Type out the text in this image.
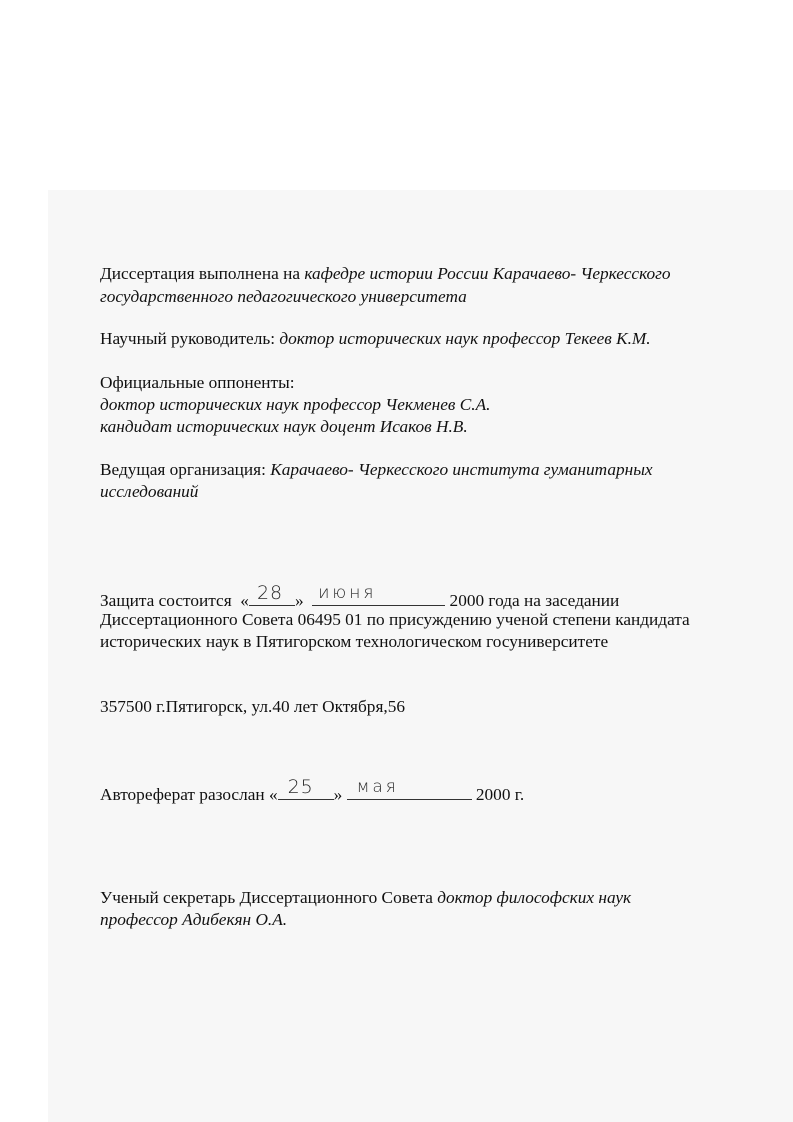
Диссертация выполнена на кафедре истории России Карачаево- Черкесского
государственного педагогического университета
Научный руководитель: доктор исторических наук профессор Текеев К.М.
Официальные оппоненты:
доктор исторических наук профессор Чекменев С.А.
кандидат исторических наук доцент Исаков Н.В.
Ведущая организация: Карачаево- Черкесского института гуманитарных
исследований
Защита состоится « 28 » июня	2000 года на заседании
Диссертационного Совета 06495 01 по присуждению ученой степени кандидата
исторических наук в Пятигорском технологическом госуниверситете
357500 г.Пятигорск, ул.40 лет Октября,56
Автореферат разослан « 25 » мая	2000 г.
Ученый секретарь Диссертационного Совета доктор философских наук
профессор Адибекян О.А.
